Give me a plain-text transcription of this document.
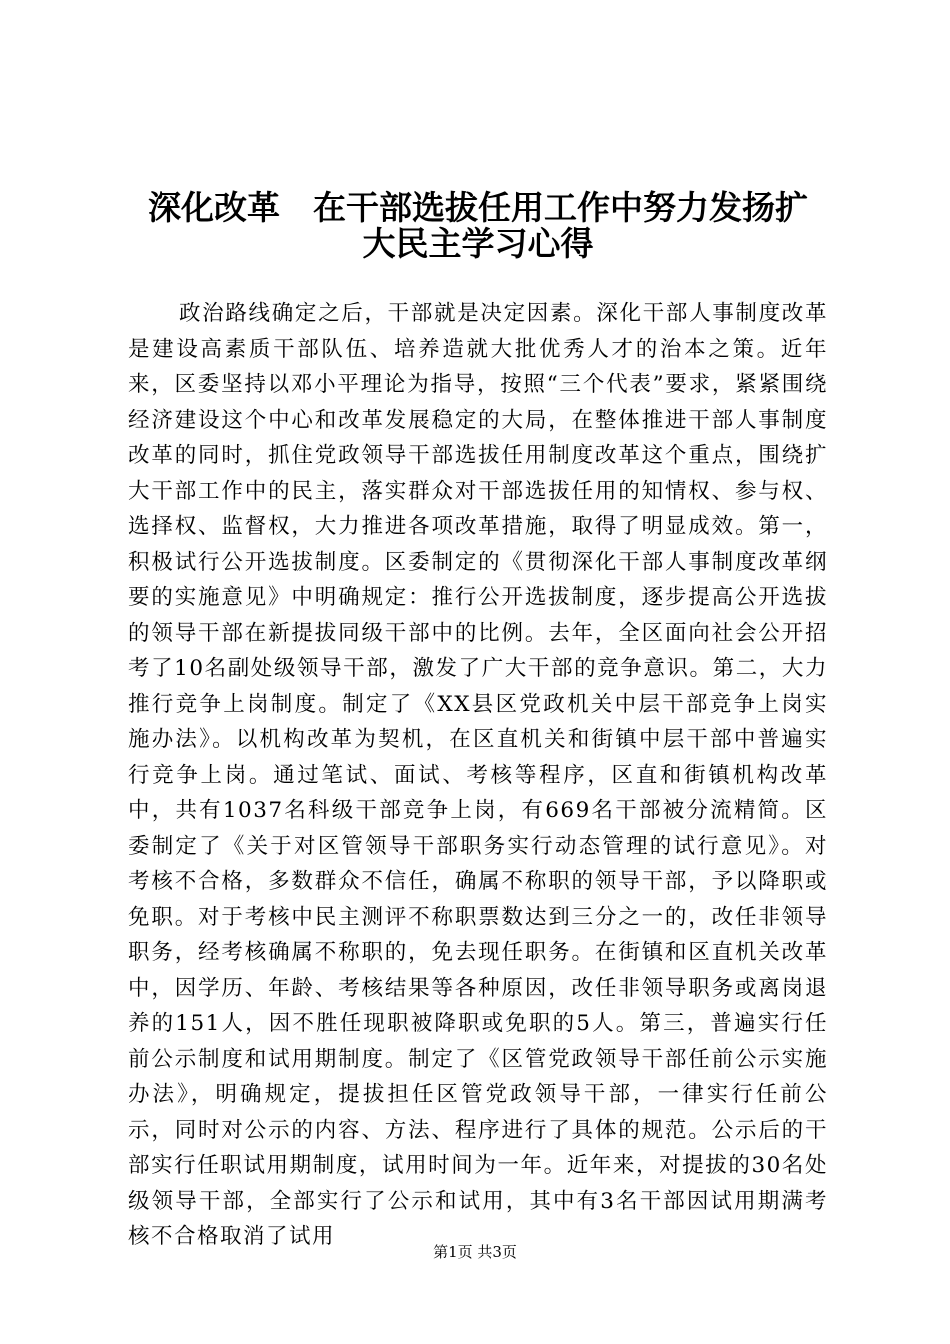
深化改革　在干部选拔任用工作中努力发扬扩
大民主学习心得

政治路线确定之后，干部就是决定因素。深化干部人事制度改革是建设高素质干部队伍、培养造就大批优秀人才的治本之策。近年来，区委坚持以邓小平理论为指导，按照“三个代表”要求，紧紧围绕经济建设这个中心和改革发展稳定的大局，在整体推进干部人事制度改革的同时，抓住党政领导干部选拔任用制度改革这个重点，围绕扩大干部工作中的民主，落实群众对干部选拔任用的知情权、参与权、选择权、监督权，大力推进各项改革措施，取得了明显成效。第一，积极试行公开选拔制度。区委制定的《贯彻深化干部人事制度改革纲要的实施意见》中明确规定：推行公开选拔制度，逐步提高公开选拔的领导干部在新提拔同级干部中的比例。去年，全区面向社会公开招考了10名副处级领导干部，激发了广大干部的竞争意识。第二，大力推行竞争上岗制度。制定了《XX县区党政机关中层干部竞争上岗实施办法》。以机构改革为契机，在区直机关和街镇中层干部中普遍实行竞争上岗。通过笔试、面试、考核等程序，区直和街镇机构改革中，共有1037名科级干部竞争上岗，有669名干部被分流精简。区委制定了《关于对区管领导干部职务实行动态管理的试行意见》。对考核不合格，多数群众不信任，确属不称职的领导干部，予以降职或免职。对于考核中民主测评不称职票数达到三分之一的，改任非领导职务，经考核确属不称职的，免去现任职务。在街镇和区直机关改革中，因学历、年龄、考核结果等各种原因，改任非领导职务或离岗退养的151人，因不胜任现职被降职或免职的5人。第三，普遍实行任前公示制度和试用期制度。制定了《区管党政领导干部任前公示实施办法》，明确规定，提拔担任区管党政领导干部，一律实行任前公示，同时对公示的内容、方法、程序进行了具体的规范。公示后的干部实行任职试用期制度，试用时间为一年。近年来，对提拔的30名处级领导干部，全部实行了公示和试用，其中有3名干部因试用期满考核不合格取消了试用

第1页 共3页
